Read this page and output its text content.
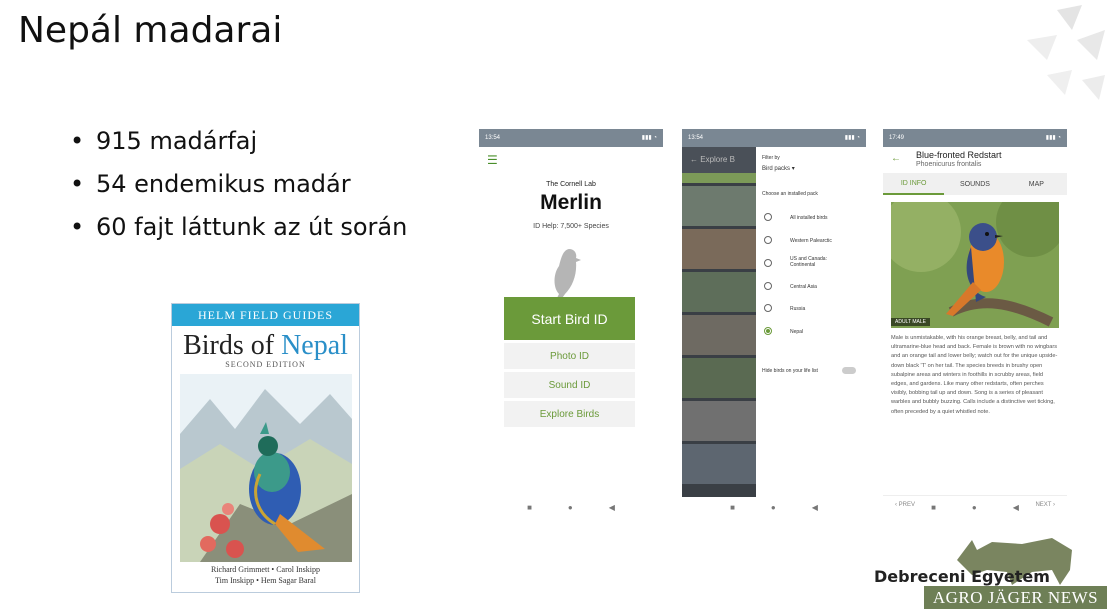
Nepál madarai
• 915 madárfaj
• 54 endemikus madár
• 60 fajt láttunk az út során
HELM FIELD GUIDES
Birds of Nepal
SECOND EDITION
Richard Grimmett • Carol Inskipp
Tim Inskipp • Hem Sagar Baral
13:54	▮▮▮ ◔
☰
The Cornell Lab
Merlin
ID Help: 7,500+ Species
Start Bird ID
Photo ID
Sound ID
Explore Birds
■	●	◀
13:54	▮▮▮ ◔
← Explore B	Filter by
Bird packs ▾
Choose an installed pack
All installed birds
Western Palearctic
US and Canada: Continental
Central Asia
Russia
Nepal
Hide birds on your life list
■	●	◀
17:49	▮▮▮ ◔
← Blue-fronted Redstart
Phoenicurus frontalis
ID INFO	SOUNDS	MAP
ADULT MALE
Male is unmistakable, with his orange breast, belly, and tail and ultramarine-blue head and back. Female is brown with no wingbars and an orange tail and lower belly; watch out for the unique upside-down black 'T' on her tail. The species breeds in brushy open subalpine areas and winters in foothills in scrubby areas, field edges, and gardens. Like many other redstarts, often perches visibly, bobbing tail up and down. Song is a series of pleasant warbles and bubbly buzzing. Calls include a distinctive wet ticking, often preceded by a quiet whistled note.
‹ PREV	NEXT ›
■	●	◀
Debreceni Egyetem
AGRO JÄGER NEWS
